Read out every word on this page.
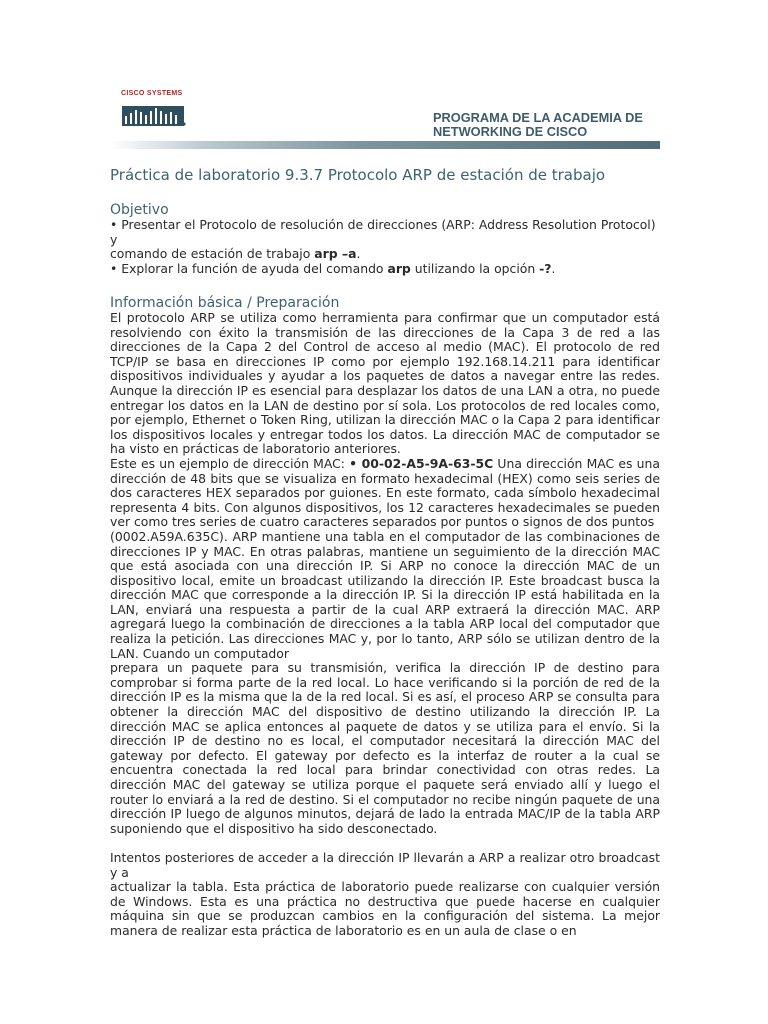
CISCO SYSTEMS
PROGRAMA DE LA ACADEMIA DE
NETWORKING DE CISCO
Práctica de laboratorio 9.3.7 Protocolo ARP de estación de trabajo
Objetivo

• Presentar el Protocolo de resolución de direcciones (ARP: Address Resolution Protocol) y

comando de estación de trabajo arp –a.

• Explorar la función de ayuda del comando arp utilizando la opción -?.

Información básica / Preparación

El protocolo ARP se utiliza como herramienta para confirmar que un computador está resolviendo con éxito la transmisión de las direcciones de la Capa 3 de red a las direcciones de la Capa 2 del Control de acceso al medio (MAC). El protocolo de red TCP/IP se basa en direcciones IP como por ejemplo 192.168.14.211 para identificar dispositivos individuales y ayudar a los paquetes de datos a navegar entre las redes. Aunque la dirección IP es esencial para desplazar los datos de una LAN a otra, no puede entregar los datos en la LAN de destino por sí sola. Los protocolos de red locales como, por ejemplo, Ethernet o Token Ring, utilizan la dirección MAC o la Capa 2 para identificar los dispositivos locales y entregar todos los datos. La dirección MAC de computador se ha visto en prácticas de laboratorio anteriores.

Este es un ejemplo de dirección MAC: • 00-02-A5-9A-63-5C Una dirección MAC es una dirección de 48 bits que se visualiza en formato hexadecimal (HEX) como seis series de dos caracteres HEX separados por guiones. En este formato, cada símbolo hexadecimal representa 4 bits. Con algunos dispositivos, los 12 caracteres hexadecimales se pueden ver como tres series de cuatro caracteres separados por puntos o signos de dos puntos

(0002.A59A.635C). ARP mantiene una tabla en el computador de las combinaciones de direcciones IP y MAC. En otras palabras, mantiene un seguimiento de la dirección MAC que está asociada con una dirección IP. Si ARP no conoce la dirección MAC de un dispositivo local, emite un broadcast utilizando la dirección IP. Este broadcast busca la dirección MAC que corresponde a la dirección IP. Si la dirección IP está habilitada en la LAN, enviará una respuesta a partir de la cual ARP extraerá la dirección MAC. ARP agregará luego la combinación de direcciones a la tabla ARP local del computador que realiza la petición. Las direcciones MAC y, por lo tanto, ARP sólo se utilizan dentro de la LAN. Cuando un computador

prepara un paquete para su transmisión, verifica la dirección IP de destino para comprobar si forma parte de la red local. Lo hace verificando si la porción de red de la dirección IP es la misma que la de la red local. Si es así, el proceso ARP se consulta para obtener la dirección MAC del dispositivo de destino utilizando la dirección IP. La dirección MAC se aplica entonces al paquete de datos y se utiliza para el envío. Si la dirección IP de destino no es local, el computador necesitará la dirección MAC del gateway por defecto. El gateway por defecto es la interfaz de router a la cual se encuentra conectada la red local para brindar conectividad con otras redes. La dirección MAC del gateway se utiliza porque el paquete será enviado allí y luego el router lo enviará a la red de destino. Si el computador no recibe ningún paquete de una dirección IP luego de algunos minutos, dejará de lado la entrada MAC/IP de la tabla ARP suponiendo que el dispositivo ha sido desconectado.

Intentos posteriores de acceder a la dirección IP llevarán a ARP a realizar otro broadcast y a

actualizar la tabla. Esta práctica de laboratorio puede realizarse con cualquier versión de Windows. Esta es una práctica no destructiva que puede hacerse en cualquier máquina sin que se produzcan cambios en la configuración del sistema. La mejor manera de realizar esta práctica de laboratorio es en un aula de clase o en
